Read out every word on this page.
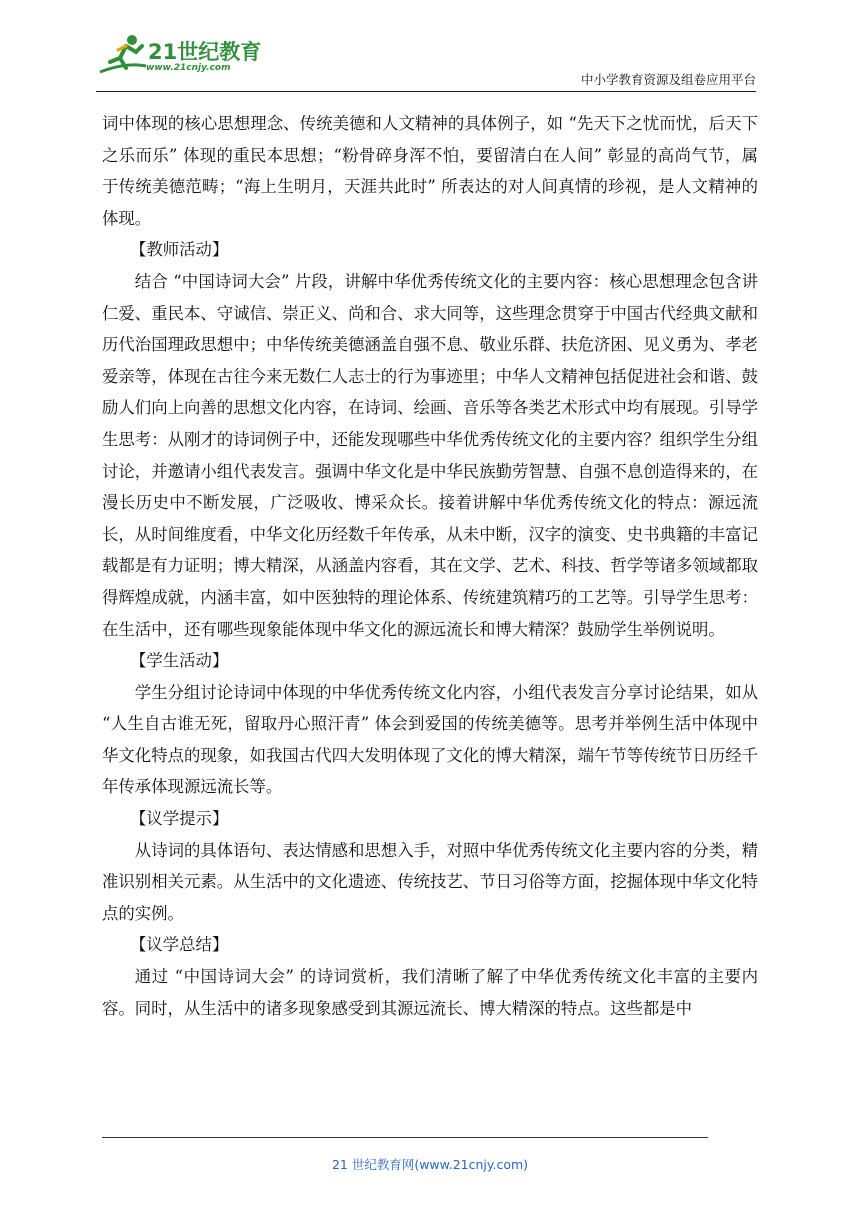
21世纪教育
www.21cnjy.com
中小学教育资源及组卷应用平台

词中体现的核心思想理念、传统美德和人文精神的具体例子，如 “先天下之忧而忧，后天下之乐而乐” 体现的重民本思想；“粉骨碎身浑不怕，要留清白在人间” 彰显的高尚气节，属于传统美德范畴；“海上生明月，天涯共此时” 所表达的对人间真情的珍视，是人文精神的体现。

【教师活动】

结合 “中国诗词大会” 片段，讲解中华优秀传统文化的主要内容：核心思想理念包含讲仁爱、重民本、守诚信、崇正义、尚和合、求大同等，这些理念贯穿于中国古代经典文献和历代治国理政思想中；中华传统美德涵盖自强不息、敬业乐群、扶危济困、见义勇为、孝老爱亲等，体现在古往今来无数仁人志士的行为事迹里；中华人文精神包括促进社会和谐、鼓励人们向上向善的思想文化内容，在诗词、绘画、音乐等各类艺术形式中均有展现。引导学生思考：从刚才的诗词例子中，还能发现哪些中华优秀传统文化的主要内容？组织学生分组讨论，并邀请小组代表发言。强调中华文化是中华民族勤劳智慧、自强不息创造得来的，在漫长历史中不断发展，广泛吸收、博采众长。接着讲解中华优秀传统文化的特点：源远流长，从时间维度看，中华文化历经数千年传承，从未中断，汉字的演变、史书典籍的丰富记载都是有力证明；博大精深，从涵盖内容看，其在文学、艺术、科技、哲学等诸多领域都取得辉煌成就，内涵丰富，如中医独特的理论体系、传统建筑精巧的工艺等。引导学生思考：在生活中，还有哪些现象能体现中华文化的源远流长和博大精深？鼓励学生举例说明。

【学生活动】

学生分组讨论诗词中体现的中华优秀传统文化内容，小组代表发言分享讨论结果，如从 “人生自古谁无死，留取丹心照汗青” 体会到爱国的传统美德等。思考并举例生活中体现中华文化特点的现象，如我国古代四大发明体现了文化的博大精深，端午节等传统节日历经千年传承体现源远流长等。

【议学提示】

从诗词的具体语句、表达情感和思想入手，对照中华优秀传统文化主要内容的分类，精准识别相关元素。从生活中的文化遗迹、传统技艺、节日习俗等方面，挖掘体现中华文化特点的实例。

【议学总结】

通过 “中国诗词大会” 的诗词赏析，我们清晰了解了中华优秀传统文化丰富的主要内容。同时，从生活中的诸多现象感受到其源远流长、博大精深的特点。这些都是中

21 世纪教育网(www.21cnjy.com)
